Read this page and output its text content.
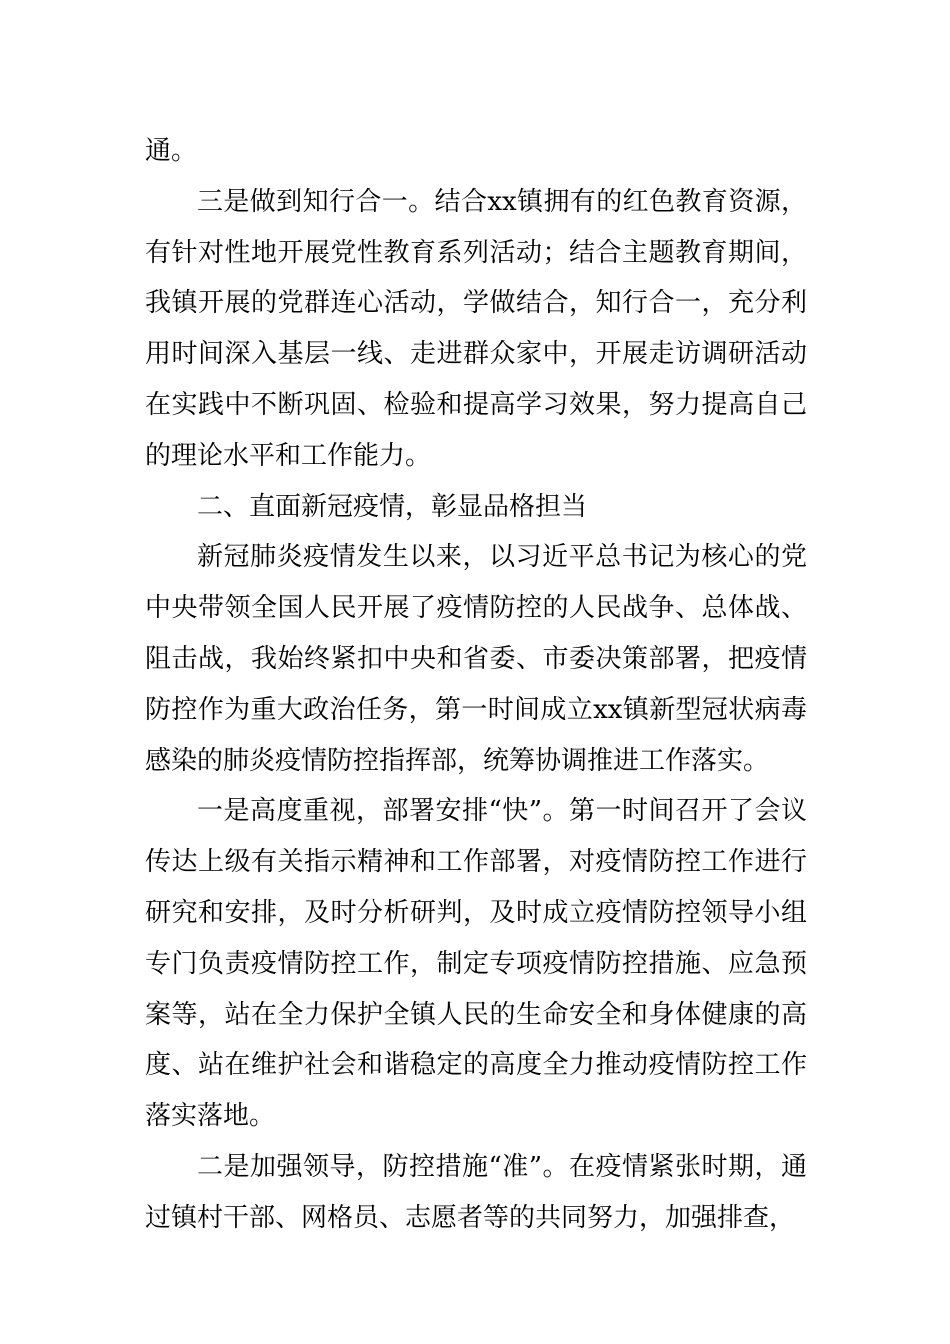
通。

三是做到知行合一。结合xx镇拥有的红色教育资源，有针对性地开展党性教育系列活动；结合主题教育期间，我镇开展的党群连心活动，学做结合，知行合一，充分利用时间深入基层一线、走进群众家中，开展走访调研活动在实践中不断巩固、检验和提高学习效果，努力提高自己的理论水平和工作能力。

二、直面新冠疫情，彰显品格担当

新冠肺炎疫情发生以来，以习近平总书记为核心的党中央带领全国人民开展了疫情防控的人民战争、总体战、阻击战，我始终紧扣中央和省委、市委决策部署，把疫情防控作为重大政治任务，第一时间成立xx镇新型冠状病毒感染的肺炎疫情防控指挥部，统筹协调推进工作落实。

一是高度重视，部署安排“快”。第一时间召开了会议传达上级有关指示精神和工作部署，对疫情防控工作进行研究和安排，及时分析研判，及时成立疫情防控领导小组专门负责疫情防控工作，制定专项疫情防控措施、应急预案等，站在全力保护全镇人民的生命安全和身体健康的高度、站在维护社会和谐稳定的高度全力推动疫情防控工作落实落地。

二是加强领导，防控措施“准”。在疫情紧张时期，通过镇村干部、网格员、志愿者等的共同努力，加强排查，
